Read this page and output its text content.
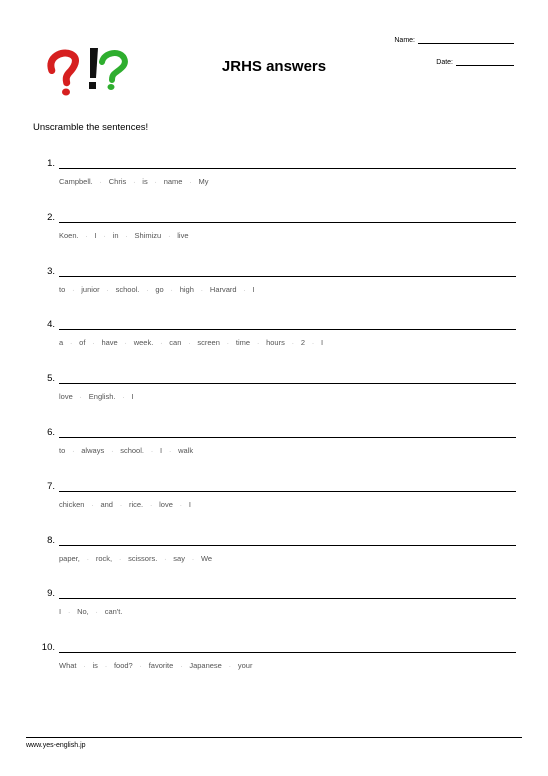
JRHS answers
Name:
Date:
Unscramble the sentences!
1.
Campbell. · Chris · is · name · My
2.
Koen. · I · in · Shimizu · live
3.
to · junior · school. · go · high · Harvard · I
4.
a · of · have · week. · can · screen · time · hours · 2 · I
5.
love · English. · I
6.
to · always · school. · I · walk
7.
chicken · and · rice. · love · I
8.
paper, · rock, · scissors. · say · We
9.
I · No, · can't.
10.
What · is · food? · favorite · Japanese · your
www.yes-english.jp
